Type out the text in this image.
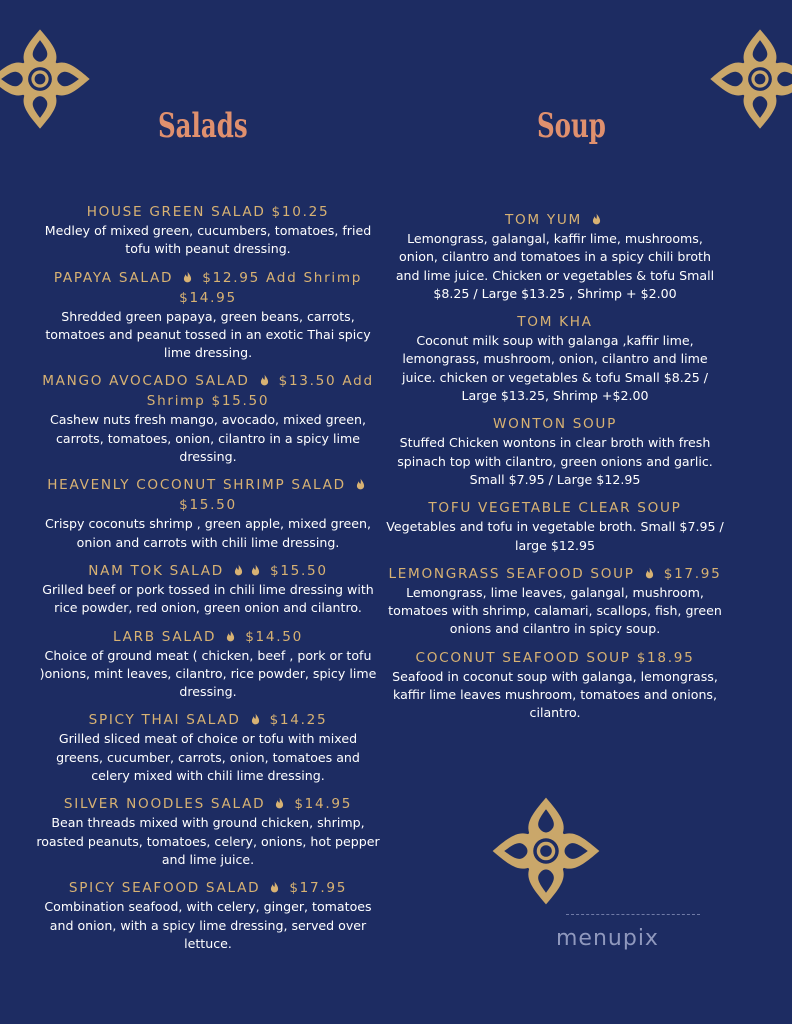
Salads	Soup
HOUSE GREEN SALAD $10.25
Medley of mixed green, cucumbers, tomatoes, fried tofu with peanut dressing.
PAPAYA SALAD  $12.95 Add Shrimp $14.95
Shredded green papaya, green beans, carrots, tomatoes and peanut tossed in an exotic Thai spicy lime dressing.
MANGO AVOCADO SALAD  $13.50 Add Shrimp $15.50
Cashew nuts fresh mango, avocado, mixed green, carrots, tomatoes, onion, cilantro in a spicy lime dressing.
HEAVENLY COCONUT SHRIMP SALAD  $15.50
Crispy coconuts shrimp , green apple, mixed green, onion and carrots with chili lime dressing.
NAM TOK SALAD	$15.50
Grilled beef or pork tossed in chili lime dressing with rice powder, red onion, green onion and cilantro.
LARB SALAD  $14.50
Choice of ground meat ( chicken, beef , pork or tofu )onions, mint leaves, cilantro, rice powder, spicy lime dressing.
SPICY THAI SALAD  $14.25
Grilled sliced meat of choice or tofu with mixed greens, cucumber, carrots, onion, tomatoes and celery mixed with chili lime dressing.
SILVER NOODLES SALAD  $14.95
Bean threads mixed with ground chicken, shrimp, roasted peanuts, tomatoes, celery, onions, hot pepper and lime juice.
SPICY SEAFOOD SALAD  $17.95
Combination seafood, with celery, ginger, tomatoes and onion, with a spicy lime dressing, served over lettuce.
TOM YUM
Lemongrass, galangal, kaffir lime, mushrooms, onion, cilantro and tomatoes in a spicy chili broth and lime juice. Chicken or vegetables & tofu Small $8.25 / Large $13.25 , Shrimp + $2.00
TOM KHA
Coconut milk soup with galanga ,kaffir lime, lemongrass, mushroom, onion, cilantro and lime juice. chicken or vegetables & tofu Small $8.25 / Large $13.25, Shrimp +$2.00
WONTON SOUP
Stuffed Chicken wontons in clear broth with fresh spinach top with cilantro, green onions and garlic. Small $7.95 / Large $12.95
TOFU VEGETABLE CLEAR SOUP
Vegetables and tofu in vegetable broth. Small $7.95 / large $12.95
LEMONGRASS SEAFOOD SOUP  $17.95
Lemongrass, lime leaves, galangal, mushroom, tomatoes with shrimp, calamari, scallops, fish, green onions and cilantro in spicy soup.
COCONUT SEAFOOD SOUP $18.95
Seafood in coconut soup with galanga, lemongrass, kaffir lime leaves mushroom, tomatoes and onions, cilantro.
menupix
